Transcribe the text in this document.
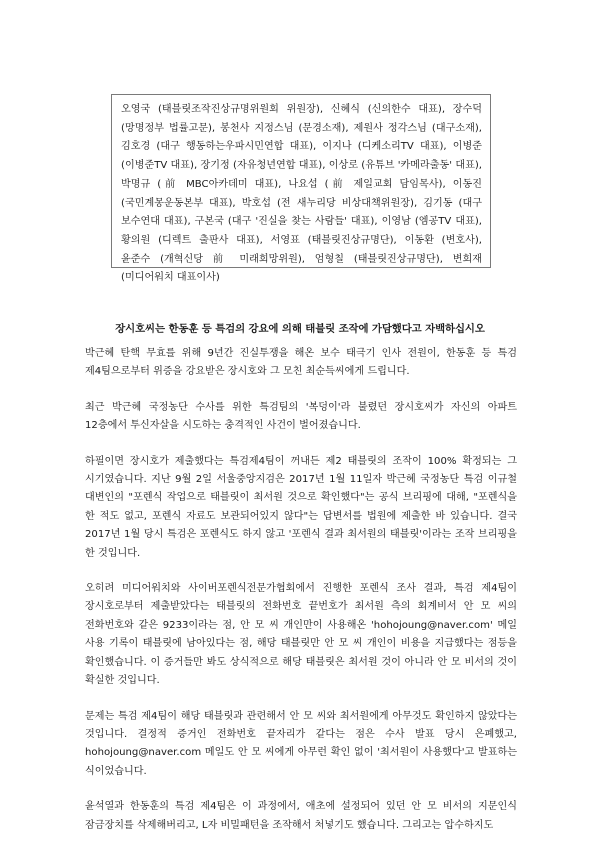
오영국 (태블릿조작진상규명위원회 위원장), 신혜식 (신의한수 대표), 장수덕 (망명정부 법률고문), 봉천사 지정스님 (문경소재), 제원사 정각스님 (대구소재), 김호경 (대구 행동하는우파시민연합 대표), 이지나 (디케소리TV 대표), 이병준 (이병준TV 대표), 장기정 (자유청년연합 대표), 이상로 (유튜브 '카메라출동' 대표), 박명규 (前 MBC아카데미 대표), 나요섭 (前 제일교회 담임목사), 이동진 (국민계몽운동본부 대표), 박호섭 (전 새누리당 비상대책위원장), 김기동 (대구 보수연대 대표), 구본국 (대구 '진실을 찾는 사람들' 대표), 이영남 (엠공TV 대표), 황의원 (디렉트 출판사 대표), 서영표 (태블릿진상규명단), 이동환 (변호사), 윤준수 (개혁신당 前 미래희망위원), 엄형칠 (태블릿진상규명단), 변희재 (미디어워치 대표이사)
장시호씨는 한동훈 등 특검의 강요에 의해 태블릿 조작에 가담했다고 자백하십시오

박근혜 탄핵 무효를 위해 9년간 진실투쟁을 해온 보수 태극기 인사 전원이, 한동훈 등 특검 제4팀으로부터 위증을 강요받은 장시호와 그 모친 최순득씨에게 드립니다.

최근 박근혜 국정농단 수사를 위한 특검팀의 '복덩이'라 불렸던 장시호씨가 자신의 아파트 12층에서 투신자살을 시도하는 충격적인 사건이 벌어졌습니다.

하필이면 장시호가 제출했다는 특검제4팀이 꺼내든 제2 태블릿의 조작이 100% 확정되는 그 시기였습니다. 지난 9월 2일 서울중앙지검은 2017년 1월 11일자 박근혜 국정농단 특검 이규철 대변인의 "포렌식 작업으로 태블릿이 최서원 것으로 확인했다"는 공식 브리핑에 대해, "포렌식을 한 적도 없고, 포렌식 자료도 보관되어있지 않다"는 답변서를 법원에 제출한 바 있습니다. 결국 2017년 1월 당시 특검은 포렌식도 하지 않고 '포렌식 결과 최서원의 태블릿'이라는 조작 브리핑을 한 것입니다.

오히려 미디어워치와 사이버포렌식전문가협회에서 진행한 포렌식 조사 결과, 특검 제4팀이 장시호로부터 제출받았다는 태블릿의 전화번호 끝번호가 최서원 측의 회계비서 안 모 씨의 전화번호와 같은 9233이라는 점, 안 모 씨 개인만이 사용해온 'hohojoung@naver.com' 메일 사용 기록이 태블릿에 남아있다는 점, 해당 태블릿만 안 모 씨 개인이 비용을 지급했다는 점등을 확인했습니다. 이 증거들만 봐도 상식적으로 해당 태블릿은 최서원 것이 아니라 안 모 비서의 것이 확실한 것입니다.

문제는 특검 제4팀이 해당 태블릿과 관련해서 안 모 씨와 최서원에게 아무것도 확인하지 않았다는 것입니다. 결정적 증거인 전화번호 끝자리가 같다는 점은 수사 발표 당시 은폐했고, hohojoung@naver.com 메일도 안 모 씨에게 아무런 확인 없이 '최서원이 사용했다'고 발표하는 식이었습니다.

윤석열과 한동훈의 특검 제4팀은 이 과정에서, 애초에 설정되어 있던 안 모 비서의 지문인식 잠금장치를 삭제해버리고, L자 비밀패턴을 조작해서 처넣기도 했습니다. 그리고는 압수하지도
